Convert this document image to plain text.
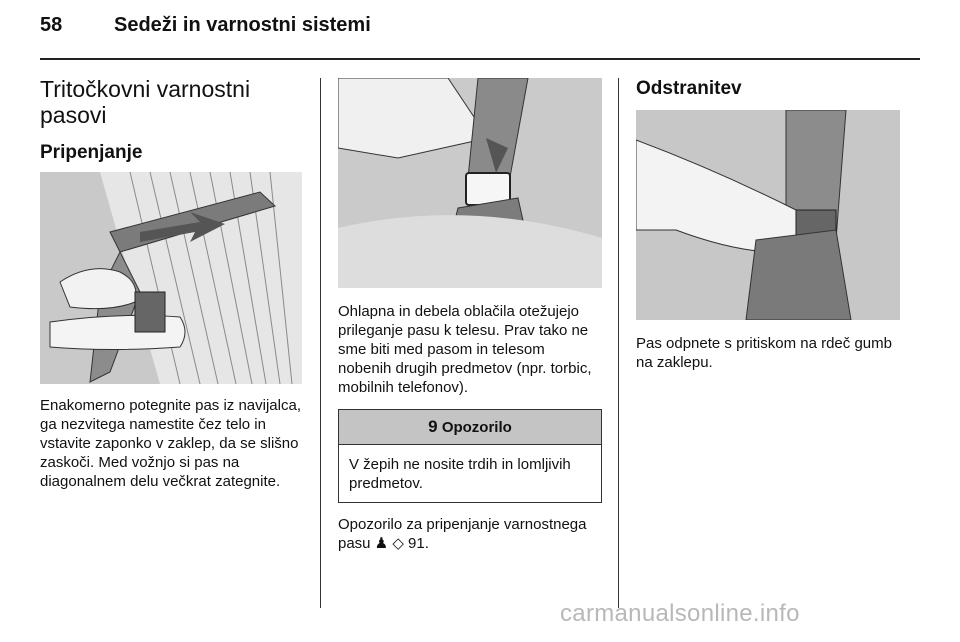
58	Sedeži in varnostni sistemi
Tritočkovni varnostni pasovi
Pripenjanje

Enakomerno potegnite pas iz navijalca, ga nezvitega namestite čez telo in vstavite zaponko v zaklep, da se slišno zaskoči. Med vožnjo si pas na diagonalnem delu večkrat zategnite.

Ohlapna in debela oblačila otežujejo prileganje pasu k telesu. Prav tako ne sme biti med pasom in telesom nobenih drugih predmetov (npr. torbic, mobilnih telefonov).

9 Opozorilo
V žepih ne nosite trdih in lomljivih predmetov.

Opozorilo za pripenjanje varnostnega pasu ♟ ◇ 91.

Odstranitev

Pas odpnete s pritiskom na rdeč gumb na zaklepu.

carmanualsonline.info
